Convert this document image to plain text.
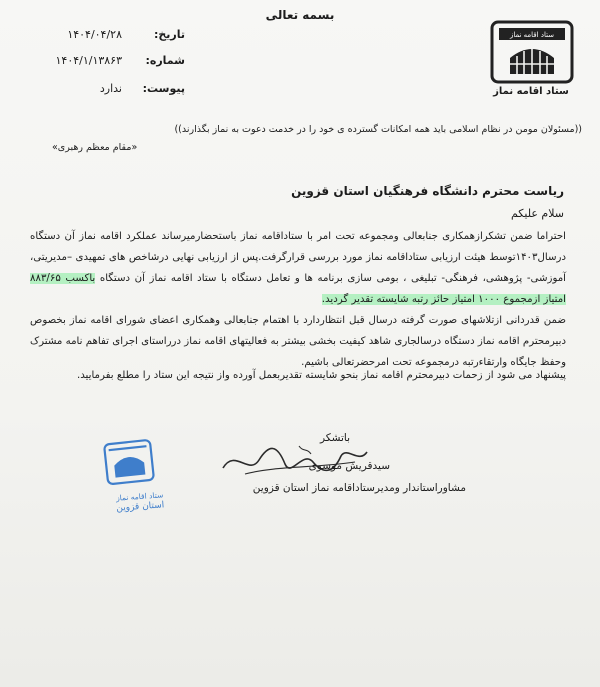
بسمه تعالی
ستاد اقامه نماز
ستاد اقامه نماز
تاریخ:
۱۴۰۴/۰۴/۲۸
شماره:
۱۴۰۴/۱/۱۳۸۶۳
پیوست:
ندارد
((مسئولان مومن در نظام اسلامی باید همه امکانات گسترده ی خود را در خدمت دعوت به نماز بگذارند))
«مقام معظم رهبری»
ریاست محترم دانشگاه فرهنگیان استان قزوین
سلام علیکم
احتراما ضمن تشکرازهمکاری جنابعالی ومجموعه تحت امر با ستاداقامه نماز باستحضارمیرساند عملکرد اقامه نماز آن دستگاه درسال۱۴۰۳توسط هیئت ارزیابی ستاداقامه نماز مورد بررسی قرارگرفت.پس از ارزیابی نهایی درشاخص های تمهیدی –مدیریتی، آموزشی- پژوهشی، فرهنگی- تبلیغی ، بومی سازی برنامه ها و تعامل دستگاه با ستاد اقامه نماز آن دستگاه باکسب ۸۸۳/۶۵ امتیاز ازمجموع ۱۰۰۰ امتیاز حائز رتبه شایسته تقدیر گردید.
ضمن قدردانی ازتلاشهای صورت گرفته درسال قبل انتظاردارد با اهتمام جنابعالی وهمکاری اعضای شورای اقامه نماز بخصوص دبیرمحترم اقامه نماز دستگاه درسالجاری شاهد کیفیت بخشی بیشتر به فعالیتهای اقامه نماز درراستای اجرای تفاهم نامه مشترک وحفظ جایگاه وارتقاءرتبه درمجموعه تحت امرحضرتعالی باشیم.
پیشنهاد می شود از زحمات دبیرمحترم اقامه نماز بنحو شایسته تقدیربعمل آورده واز نتیجه این ستاد را مطلع بفرمایید.
باتشکر
سیدقریش موسوی
مشاوراستاندار ومدیرستاداقامه نماز استان قزوین
ستاد اقامه نماز
استان قزوین
